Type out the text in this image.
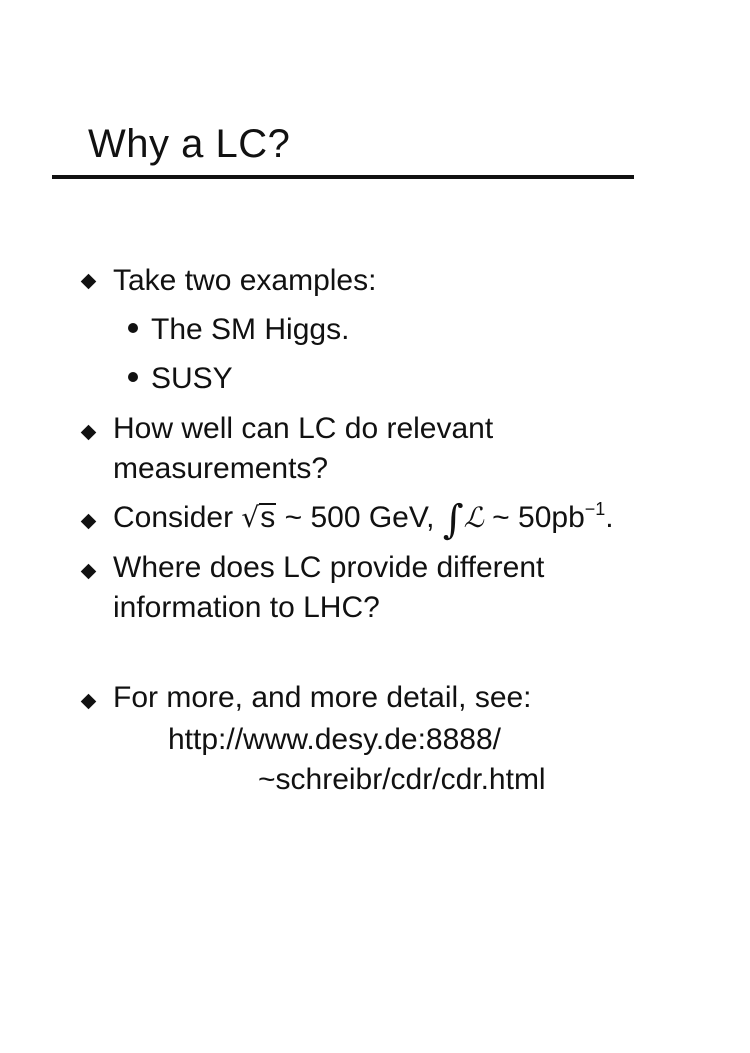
Why a LC?
Take two examples:
The SM Higgs.
SUSY
How well can LC do relevant
measurements?
Consider √s ~ 500 GeV, ∫ℒ ~ $50pb^{-1}$.
Where does LC provide different
information to LHC?
For more, and more detail, see:
http://www.desy.de:8888/
~schreibr/cdr/cdr.html
